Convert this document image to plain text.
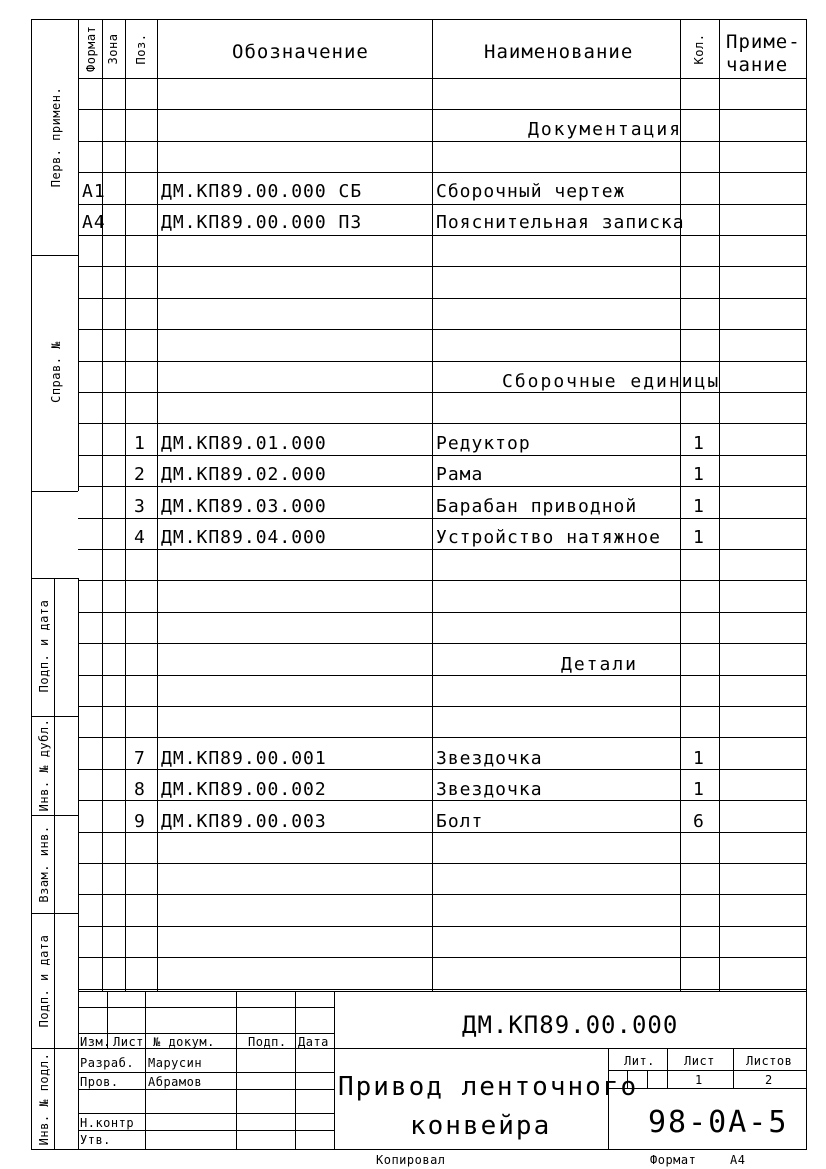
Формат Зона Поз.	Обозначение	Наименование	Кол. Приме-
чание
Перв. примен.
Справ. №
Подп. и дата
Инв. № дубл.
Взам. инв.
Подп. и дата
Инв. № подл.
Документация
Сборочные единицы
Детали
A1	ДМ.КП89.00.000 СБ	Сборочный чертеж
A4	ДМ.КП89.00.000 ПЗ	Пояснительная записка
1 ДМ.КП89.01.000	Редуктор	1
2 ДМ.КП89.02.000	Рама	1
3 ДМ.КП89.03.000	Барабан приводной	1
4 ДМ.КП89.04.000	Устройство натяжное	1
7 ДМ.КП89.00.001	Звездочка	1
8 ДМ.КП89.00.002	Звездочка	1
9 ДМ.КП89.00.003	Болт	6
ДМ.КП89.00.000
Изм. Лист № докум.	Подп. Дата
Разраб. Марусин
Пров. Абрамов
Н.контр
Утв.
Привод ленточного
конвейра
Лит. Лист	Листов
1	2
98-0А-5
Копировал	Формат	А4
